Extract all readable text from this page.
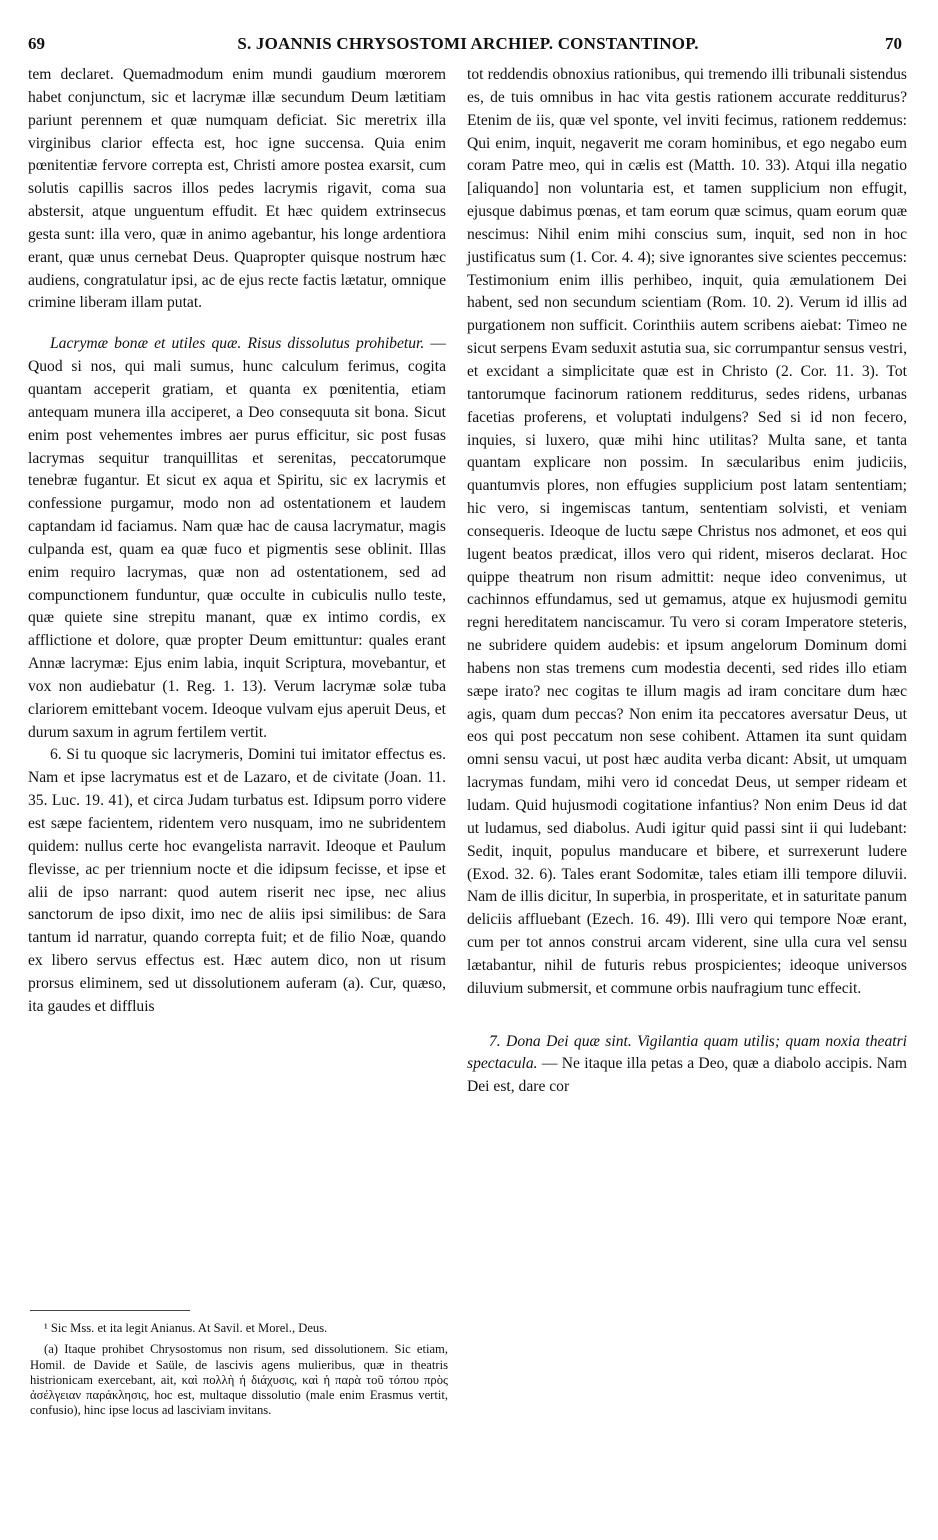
69	S. JOANNIS CHRYSOSTOMI ARCHIEP. CONSTANTINOP.	70

tem declaret. Quemadmodum enim mundi gaudium mœrorem habet conjunctum, sic et lacrymæ illæ secundum Deum lætitiam pariunt perennem et quæ numquam deficiat. Sic meretrix illa virginibus clarior effecta est, hoc igne succensa. Quia enim pœnitentiæ fervore correpta est, Christi amore postea exarsit, cum solutis capillis sacros illos pedes lacrymis rigavit, coma sua abstersit, atque unguentum effudit. Et hæc quidem extrinsecus gesta sunt: illa vero, quæ in animo agebantur, his longe ardentiora erant, quæ unus cernebat Deus. Quapropter quisque nostrum hæc audiens, congratulatur ipsi, ac de ejus recte factis lætatur, omnique crimine liberam illam putat.

Lacrymæ bonæ et utiles quæ. Risus dissolutus prohibetur. — Quod si nos, qui mali sumus, hunc calculum ferimus, cogita quantam acceperit gratiam, et quanta ex pœnitentia, etiam antequam munera illa acciperet, a Deo consequuta sit bona. Sicut enim post vehementes imbres aer purus efficitur, sic post fusas lacrymas sequitur tranquillitas et serenitas, peccatorumque tenebræ fugantur. Et sicut ex aqua et Spiritu, sic ex lacrymis et confessione purgamur, modo non ad ostentationem et laudem captandam id faciamus. Nam quæ hac de causa lacrymatur, magis culpanda est, quam ea quæ fuco et pigmentis sese oblinit. Illas enim requiro lacrymas, quæ non ad ostentationem, sed ad compunctionem funduntur, quæ occulte in cubiculis nullo teste, quæ quiete sine strepitu manant, quæ ex intimo cordis, ex afflictione et dolore, quæ propter Deum emittuntur: quales erant Annæ lacrymæ: Ejus enim labia, inquit Scriptura, movebantur, et vox non audiebatur (1. Reg. 1. 13). Verum lacrymæ solæ tuba clariorem emittebant vocem. Ideoque vulvam ejus aperuit Deus, et durum saxum in agrum fertilem vertit.

6. Si tu quoque sic lacrymeris, Domini tui imitator effectus es. Nam et ipse lacrymatus est et de Lazaro, et de civitate (Joan. 11. 35. Luc. 19. 41), et circa Judam turbatus est. Idipsum porro videre est sæpe facientem, ridentem vero nusquam, imo ne subridentem quidem: nullus certe hoc evangelista narravit. Ideoque et Paulum flevisse, ac per triennium nocte et die idipsum fecisse, et ipse et alii de ipso narrant: quod autem riserit nec ipse, nec alius sanctorum de ipso dixit, imo nec de aliis ipsi similibus: de Sara tantum id narratur, quando correpta fuit; et de filio Noæ, quando ex libero servus effectus est. Hæc autem dico, non ut risum prorsus eliminem, sed ut dissolutionem auferam (a). Cur, quæso, ita gaudes et diffluis

¹ Sic Mss. et ita legit Anianus. At Savil. et Morel., Deus.

(a) Itaque prohibet Chrysostomus non risum, sed dissolutionem. Sic etiam, Homil. de Davide et Saüle, de lascivis agens mulieribus, quæ in theatris histrionicam exercebant, ait, καὶ πολλὴ ἡ διάχυσις, καὶ ἡ παρὰ τοῦ τόπου πρὸς ἀσέλγειαν παράκλησις, hoc est, multaque dissolutio (male enim Erasmus vertit, confusio), hinc ipse locus ad lasciviam invitans.

tot reddendis obnoxius rationibus, qui tremendo illi tribunali sistendus es, de tuis omnibus in hac vita gestis rationem accurate redditurus? Etenim de iis, quæ vel sponte, vel inviti fecimus, rationem reddemus: Qui enim, inquit, negaverit me coram hominibus, et ego negabo eum coram Patre meo, qui in cælis est (Matth. 10. 33). Atqui illa negatio [aliquando] non voluntaria est, et tamen supplicium non effugit, ejusque dabimus pœnas, et tam eorum quæ scimus, quam eorum quæ nescimus: Nihil enim mihi conscius sum, inquit, sed non in hoc justificatus sum (1. Cor. 4. 4); sive ignorantes sive scientes peccemus: Testimonium enim illis perhibeo, inquit, quia æmulationem Dei habent, sed non secundum scientiam (Rom. 10. 2). Verum id illis ad purgationem non sufficit. Corinthiis autem scribens aiebat: Timeo ne sicut serpens Evam seduxit astutia sua, sic corrumpantur sensus vestri, et excidant a simplicitate quæ est in Christo (2. Cor. 11. 3). Tot tantorumque facinorum rationem redditurus, sedes ridens, urbanas facetias proferens, et voluptati indulgens? Sed si id non fecero, inquies, si luxero, quæ mihi hinc utilitas? Multa sane, et tanta quantam explicare non possim. In sæcularibus enim judiciis, quantumvis plores, non effugies supplicium post latam sententiam; hic vero, si ingemiscas tantum, sententiam solvisti, et veniam consequeris. Ideoque de luctu sæpe Christus nos admonet, et eos qui lugent beatos prædicat, illos vero qui rident, miseros declarat. Hoc quippe theatrum non risum admittit: neque ideo convenimus, ut cachinnos effundamus, sed ut gemamus, atque ex hujusmodi gemitu regni hereditatem nanciscamur. Tu vero si coram Imperatore steteris, ne subridere quidem audebis: et ipsum angelorum Dominum domi habens non stas tremens cum modestia decenti, sed rides illo etiam sæpe irato? nec cogitas te illum magis ad iram concitare dum hæc agis, quam dum peccas? Non enim ita peccatores aversatur Deus, ut eos qui post peccatum non sese cohibent. Attamen ita sunt quidam omni sensu vacui, ut post hæc audita verba dicant: Absit, ut umquam lacrymas fundam, mihi vero id concedat Deus, ut semper rideam et ludam. Quid hujusmodi cogitatione infantius? Non enim Deus id dat ut ludamus, sed diabolus. Audi igitur quid passi sint ii qui ludebant: Sedit, inquit, populus manducare et bibere, et surrexerunt ludere (Exod. 32. 6). Tales erant Sodomitæ, tales etiam illi tempore diluvii. Nam de illis dicitur, In superbia, in prosperitate, et in saturitate panum deliciis affluebant (Ezech. 16. 49). Illi vero qui tempore Noæ erant, cum per tot annos construi arcam viderent, sine ulla cura vel sensu lætabantur, nihil de futuris rebus prospicientes; ideoque universos diluvium submersit, et commune orbis naufragium tunc effecit.

7. Dona Dei quæ sint. Vigilantia quam utilis; quam noxia theatri spectacula. — Ne itaque illa petas a Deo, quæ a diabolo accipis. Nam Dei est, dare cor
